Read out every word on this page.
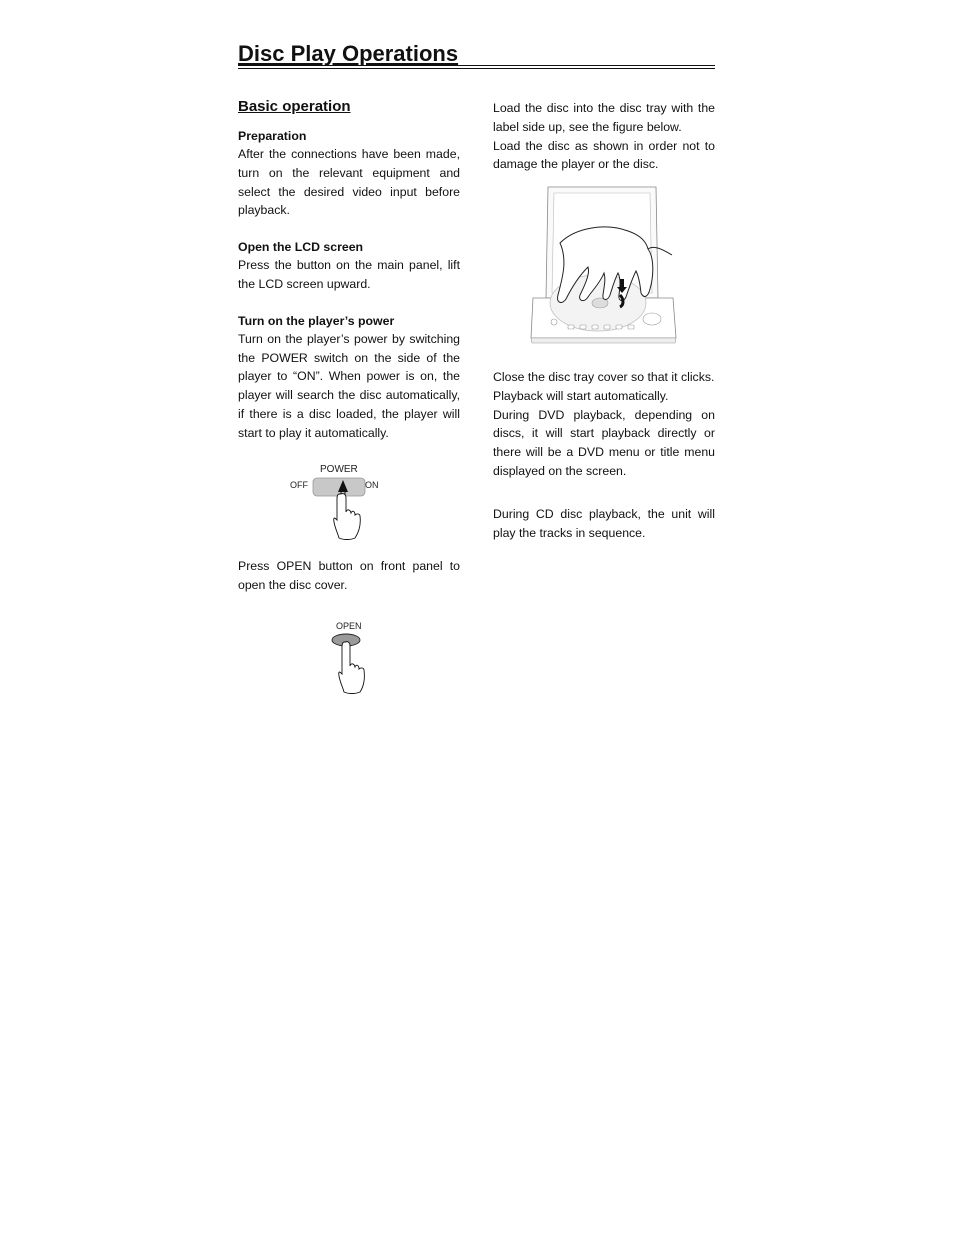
Disc Play Operations
Basic operation
Preparation

After the connections have been made, turn on the relevant equipment and select the desired video input before playback.

Open the LCD screen

Press the button on the main panel, lift the LCD screen upward.

Turn on the player’s power

Turn on the player’s power by switching the POWER switch on the side of the player to “ON”. When power is on, the player will search the disc automatically, if there is a disc loaded, the player will start to play it automatically.

POWER
OFF	ON

Press OPEN button on front panel to open the disc cover.

OPEN

Load the disc into the disc tray with the label side up, see the figure below.

Load the disc as shown in order not to damage the player or the disc.

Close the disc tray cover so that it clicks.

Playback will start automatically.

During DVD playback, depending on discs, it will start playback directly or there will be a DVD menu or title menu displayed on the screen.

During CD disc playback, the unit will play the tracks in sequence.
